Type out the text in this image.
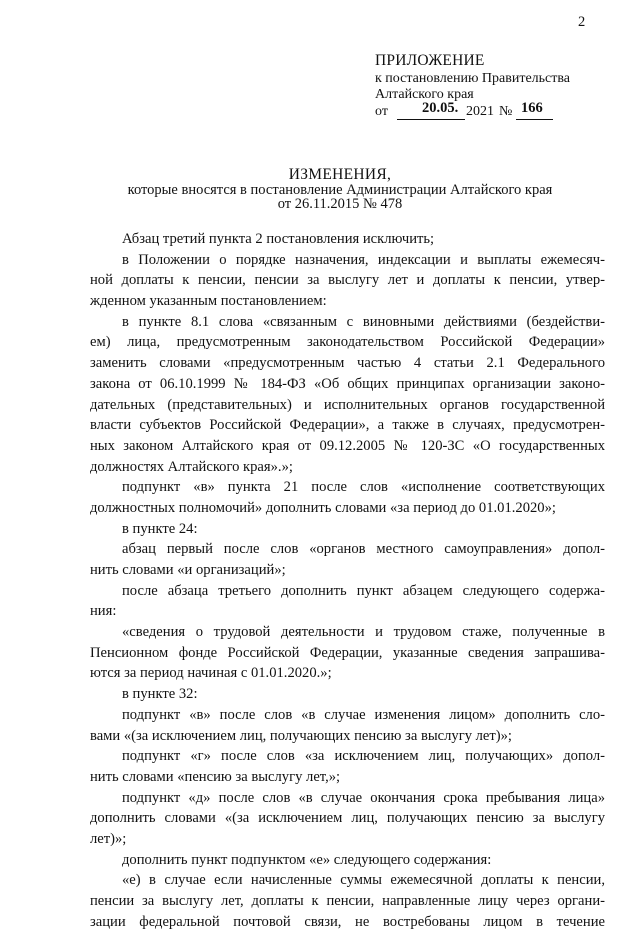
2
ПРИЛОЖЕНИЕ
к постановлению Правительства
Алтайского края
от 20.05. 2021 № 166
ИЗМЕНЕНИЯ,
которые вносятся в постановление Администрации Алтайского края
от 26.11.2015 № 478
Абзац третий пункта 2 постановления исключить;
в Положении о порядке назначения, индексации и выплаты ежемесяч-
ной доплаты к пенсии, пенсии за выслугу лет и доплаты к пенсии, утвер-
жденном указанным постановлением:
в пункте 8.1 слова «связанным с виновными действиями (бездействи-
ем) лица, предусмотренным законодательством Российской Федерации»
заменить словами «предусмотренным частью 4 статьи 2.1 Федерального
закона от 06.10.1999 № 184-ФЗ «Об общих принципах организации законо-
дательных (представительных) и исполнительных органов государственной
власти субъектов Российской Федерации», а также в случаях, предусмотрен-
ных законом Алтайского края от 09.12.2005 № 120-ЗС «О государственных
должностях Алтайского края».»;
подпункт «в» пункта 21 после слов «исполнение соответствующих
должностных полномочий» дополнить словами «за период до 01.01.2020»;
в пункте 24:
абзац первый после слов «органов местного самоуправления» допол-
нить словами «и организаций»;
после абзаца третьего дополнить пункт абзацем следующего содержа-
ния:
«сведения о трудовой деятельности и трудовом стаже, полученные в
Пенсионном фонде Российской Федерации, указанные сведения запрашива-
ются за период начиная с 01.01.2020.»;
в пункте 32:
подпункт «в» после слов «в случае изменения лицом» дополнить сло-
вами «(за исключением лиц, получающих пенсию за выслугу лет)»;
подпункт «г» после слов «за исключением лиц, получающих» допол-
нить словами «пенсию за выслугу лет,»;
подпункт «д» после слов «в случае окончания срока пребывания лица»
дополнить словами «(за исключением лиц, получающих пенсию за выслугу
лет)»;
дополнить пункт подпунктом «е» следующего содержания:
«е) в случае если начисленные суммы ежемесячной доплаты к пенсии,
пенсии за выслугу лет, доплаты к пенсии, направленные лицу через органи-
зации федеральной почтовой связи, не востребованы лицом в течение
